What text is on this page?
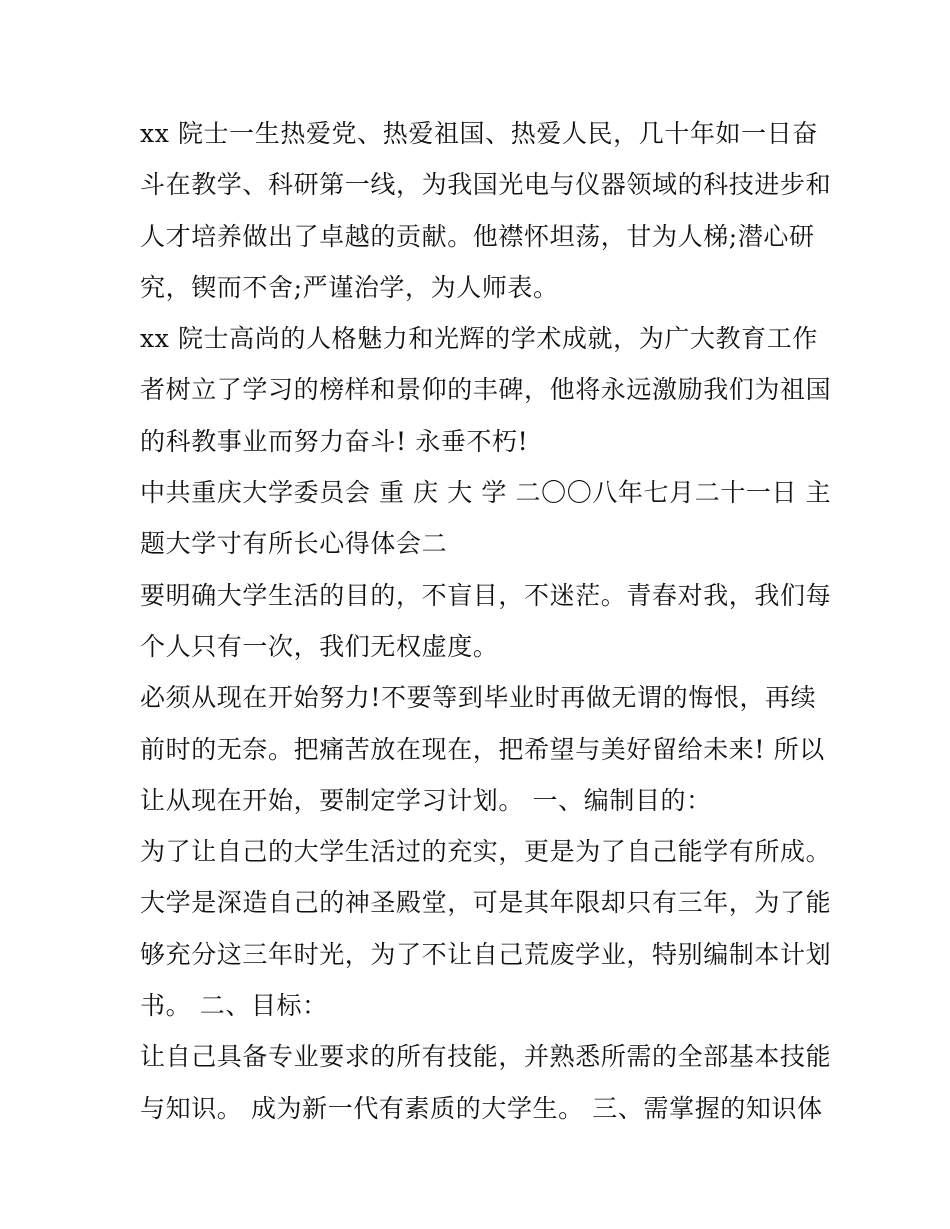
xx 院士一生热爱党、热爱祖国、热爱人民，几十年如一日奋
斗在教学、科研第一线，为我国光电与仪器领域的科技进步和
人才培养做出了卓越的贡献。他襟怀坦荡，甘为人梯;潜心研
究，锲而不舍;严谨治学，为人师表。
xx 院士高尚的人格魅力和光辉的学术成就，为广大教育工作
者树立了学习的榜样和景仰的丰碑，他将永远激励我们为祖国
的科教事业而努力奋斗! 永垂不朽!
中共重庆大学委员会 重 庆 大 学 二〇〇八年七月二十一日 主
题大学寸有所长心得体会二
要明确大学生活的目的，不盲目，不迷茫。青春对我，我们每
个人只有一次，我们无权虚度。
必须从现在开始努力!不要等到毕业时再做无谓的悔恨，再续
前时的无奈。把痛苦放在现在，把希望与美好留给未来! 所以
让从现在开始，要制定学习计划。 一、编制目的：
为了让自己的大学生活过的充实，更是为了自己能学有所成。
大学是深造自己的神圣殿堂，可是其年限却只有三年，为了能
够充分这三年时光，为了不让自己荒废学业，特别编制本计划
书。 二、目标：
让自己具备专业要求的所有技能，并熟悉所需的全部基本技能
与知识。 成为新一代有素质的大学生。 三、需掌握的知识体
